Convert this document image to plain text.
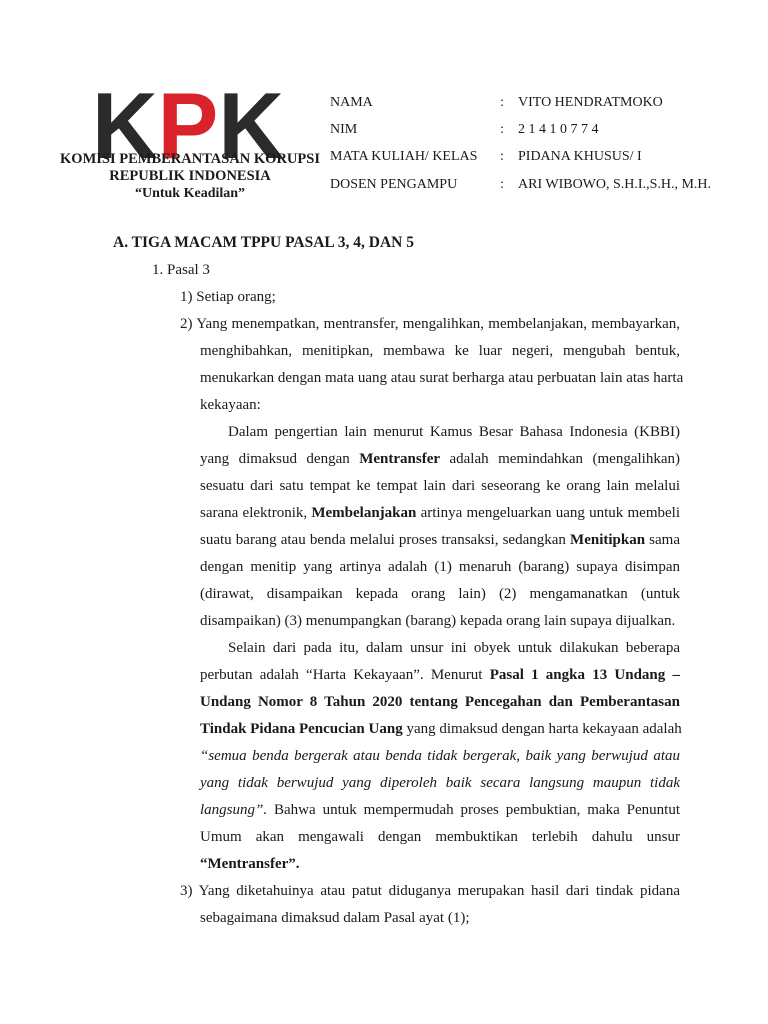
KPK
KOMISI PEMBERANTASAN KORUPSI
REPUBLIK INDONESIA
“Untuk Keadilan”
NAMA	: VITO HENDRATMOKO
NIM	: 2 1 4 1 0 7 7 4
MATA KULIAH/ KELAS : PIDANA KHUSUS/ I
DOSEN PENGAMPU	: ARI WIBOWO, S.H.I.,S.H., M.H.
A. TIGA MACAM TPPU PASAL 3, 4, DAN 5
1. Pasal 3
1) Setiap orang;
2) Yang menempatkan, mentransfer, mengalihkan, membelanjakan, membayarkan,
menghibahkan, menitipkan, membawa ke luar negeri, mengubah bentuk,
menukarkan dengan mata uang atau surat berharga atau perbuatan lain atas harta
kekayaan:
Dalam pengertian lain menurut Kamus Besar Bahasa Indonesia (KBBI)
yang dimaksud dengan Mentransfer adalah memindahkan (mengalihkan)
sesuatu dari satu tempat ke tempat lain dari seseorang ke orang lain melalui
sarana elektronik, Membelanjakan artinya mengeluarkan uang untuk membeli
suatu barang atau benda melalui proses transaksi, sedangkan Menitipkan sama
dengan menitip yang artinya adalah (1) menaruh (barang) supaya disimpan
(dirawat, disampaikan kepada orang lain) (2) mengamanatkan (untuk
disampaikan) (3) menumpangkan (barang) kepada orang lain supaya dijualkan.
Selain dari pada itu, dalam unsur ini obyek untuk dilakukan beberapa
perbutan adalah “Harta Kekayaan”. Menurut Pasal 1 angka 13 Undang –
Undang Nomor 8 Tahun 2020 tentang Pencegahan dan Pemberantasan
Tindak Pidana Pencucian Uang yang dimaksud dengan harta kekayaan adalah
“semua benda bergerak atau benda tidak bergerak, baik yang berwujud atau
yang tidak berwujud yang diperoleh baik secara langsung maupun tidak
langsung”. Bahwa untuk mempermudah proses pembuktian, maka Penuntut
Umum akan mengawali dengan membuktikan terlebih dahulu unsur
“Mentransfer”.
3) Yang diketahuinya atau patut diduganya merupakan hasil dari tindak pidana
sebagaimana dimaksud dalam Pasal ayat (1);
